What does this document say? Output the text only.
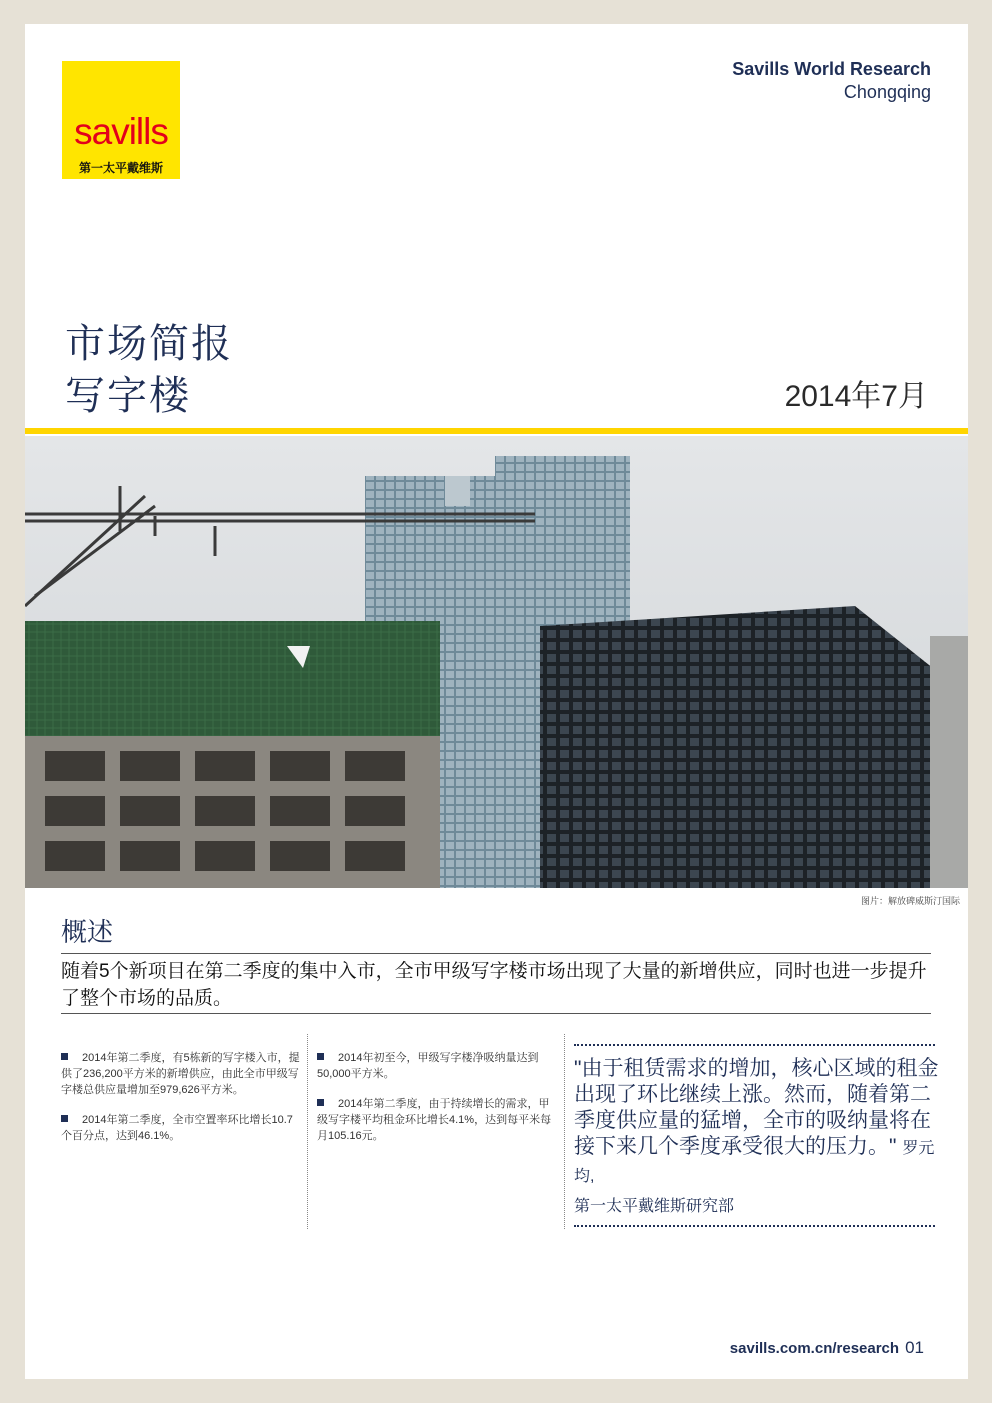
savills
第一太平戴维斯
Savills World Research
Chongqing
市场简报
写字楼	2014年7月
图片：解放碑威斯汀国际
概述
随着5个新项目在第二季度的集中入市，全市甲级写字楼市场出现了大量的新增供应，同时也进一步提升了整个市场的品质。

2014年第二季度，有5栋新的写字楼入市，提供了236,200平方米的新增供应，由此全市甲级写字楼总供应量增加至979,626平方米。

2014年第二季度，全市空置率环比增长10.7个百分点，达到46.1%。

2014年初至今，甲级写字楼净吸纳量达到50,000平方米。

2014年第二季度，由于持续增长的需求，甲级写字楼平均租金环比增长4.1%，达到每平米每月105.16元。

"由于租赁需求的增加，核心区域的租金出现了环比继续上涨。然而，随着第二季度供应量的猛增，全市的吸纳量将在接下来几个季度承受很大的压力。" 罗元均,
第一太平戴维斯研究部
savills.com.cn/research 01
